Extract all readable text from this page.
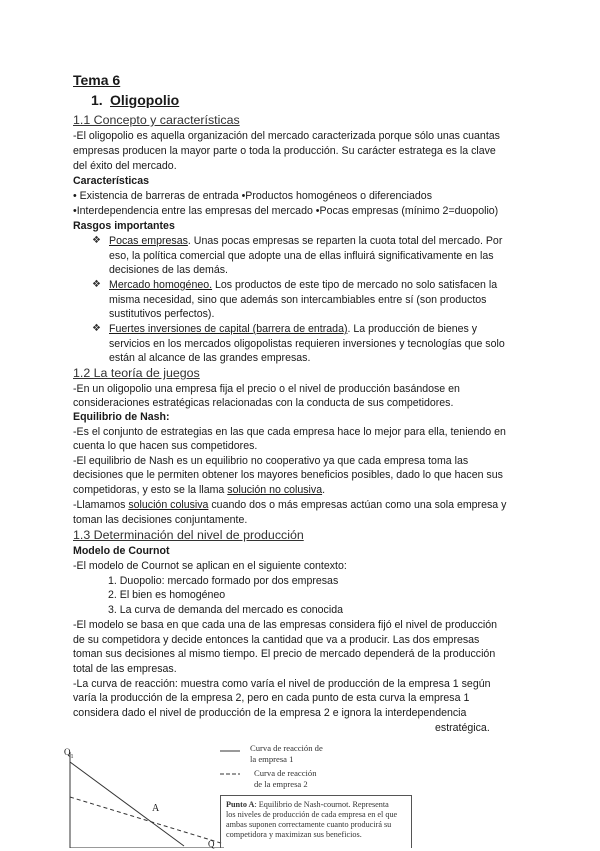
Tema 6
1. Oligopolio
1.1 Concepto y características
-El oligopolio es aquella organización del mercado caracterizada porque sólo unas cuantas
empresas producen la mayor parte o toda la producción. Su carácter estratega es la clave
del éxito del mercado.
Características
• Existencia de barreras de entrada •Productos homogéneos o diferenciados
•Interdependencia entre las empresas del mercado •Pocas empresas (mínimo 2=duopolio)
Rasgos importantes
❖ Pocas empresas. Unas pocas empresas se reparten la cuota total del mercado. Por
eso, la política comercial que adopte una de ellas influirá significativamente en las
decisiones de las demás.
❖ Mercado homogéneo. Los productos de este tipo de mercado no solo satisfacen la
misma necesidad, sino que además son intercambiables entre sí (son productos
sustitutivos perfectos).
❖ Fuertes inversiones de capital (barrera de entrada). La producción de bienes y
servicios en los mercados oligopolistas requieren inversiones y tecnologías que solo
están al alcance de las grandes empresas.
1.2 La teoría de juegos
-En un oligopolio una empresa fija el precio o el nivel de producción basándose en
consideraciones estratégicas relacionadas con la conducta de sus competidores.
Equilibrio de Nash:
-Es el conjunto de estrategias en las que cada empresa hace lo mejor para ella, teniendo en
cuenta lo que hacen sus competidores.
-El equilibrio de Nash es un equilibrio no cooperativo ya que cada empresa toma las
decisiones que le permiten obtener los mayores beneficios posibles, dado lo que hacen sus
competidoras, y esto se la llama solución no colusiva.
-Llamamos solución colusiva cuando dos o más empresas actúan como una sola empresa y
toman las decisiones conjuntamente.
1.3 Determinación del nivel de producción
Modelo de Cournot
-El modelo de Cournot se aplican en el siguiente contexto:
1. Duopolio: mercado formado por dos empresas
2. El bien es homogéneo
3. La curva de demanda del mercado es conocida
-El modelo se basa en que cada una de las empresas considera fijó el nivel de producción
de su competidora y decide entonces la cantidad que va a producir. Las dos empresas
toman sus decisiones al mismo tiempo. El precio de mercado dependerá de la producción
total de las empresas.
-La curva de reacción: muestra como varía el nivel de producción de la empresa 1 según
varía la producción de la empresa 2, pero en cada punto de esta curva la empresa 1
considera dado el nivel de producción de la empresa 2 e ignora la interdependencia
estratégica.
$Q_1$
A
Q
Curva de reacción de
la empresa 1
Curva de reacción
de la empresa 2
Punto A: Equilibrio de Nash-cournot. Representa
los niveles de producción de cada empresa en el que
ambas suponen correctamente cuanto producirá su
competidora y maximizan sus beneficios.
